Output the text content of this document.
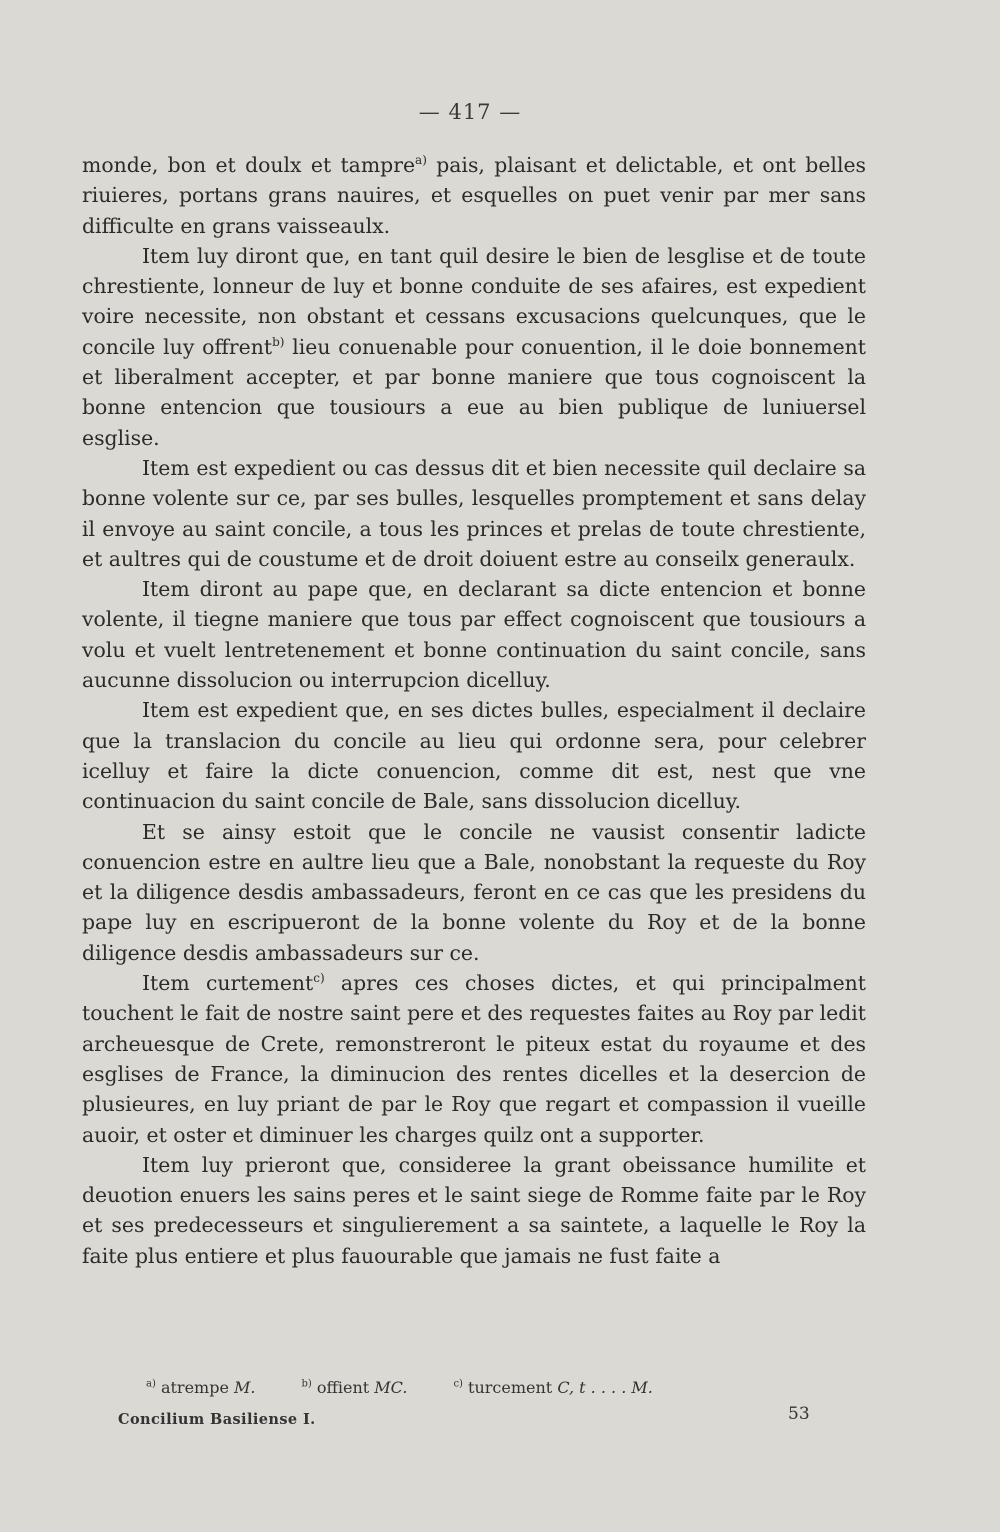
— 417 —

monde, bon et doulx et tampre$^{a)}$ pais, plaisant et delictable, et ont belles riuieres, portans grans nauires, et esquelles on puet venir par mer sans difficulte en grans vaisseaulx.

Item luy diront que, en tant quil desire le bien de lesglise et de toute chrestiente, lonneur de luy et bonne conduite de ses afaires, est expedient voire necessite, non obstant et cessans excusacions quelcunques, que le concile luy offrent$^{b)}$ lieu conuenable pour conuention, il le doie bonnement et liberalment accepter, et par bonne maniere que tous cognoiscent la bonne entencion que tousiours a eue au bien publique de luniuersel esglise.

Item est expedient ou cas dessus dit et bien necessite quil declaire sa bonne volente sur ce, par ses bulles, lesquelles promptement et sans delay il envoye au saint concile, a tous les princes et prelas de toute chrestiente, et aultres qui de coustume et de droit doiuent estre au conseilx generaulx.

Item diront au pape que, en declarant sa dicte entencion et bonne volente, il tiegne maniere que tous par effect cognoiscent que tousiours a volu et vuelt lentretenement et bonne continuation du saint concile, sans aucunne dissolucion ou interrupcion dicelluy.

Item est expedient que, en ses dictes bulles, especialment il declaire que la translacion du concile au lieu qui ordonne sera, pour celebrer icelluy et faire la dicte conuencion, comme dit est, nest que vne continuacion du saint concile de Bale, sans dissolucion dicelluy.

Et se ainsy estoit que le concile ne vausist consentir ladicte conuencion estre en aultre lieu que a Bale, nonobstant la requeste du Roy et la diligence desdis ambassadeurs, feront en ce cas que les presidens du pape luy en escripueront de la bonne volente du Roy et de la bonne diligence desdis ambassadeurs sur ce.

Item curtement$^{c)}$ apres ces choses dictes, et qui principalment touchent le fait de nostre saint pere et des requestes faites au Roy par ledit archeuesque de Crete, remonstreront le piteux estat du royaume et des esglises de France, la diminucion des rentes dicelles et la desercion de plusieures, en luy priant de par le Roy que regart et compassion il vueille auoir, et oster et diminuer les charges quilz ont a supporter.

Item luy prieront que, consideree la grant obeissance humilite et deuotion enuers les sains peres et le saint siege de Romme faite par le Roy et ses predecesseurs et singulierement a sa saintete, a laquelle le Roy la faite plus entiere et plus fauourable que jamais ne fust faite a

$^{a)}$ atrempe M.	$^{b)}$ offient MC.	$^{c)}$ turcement C, t . . . . M.
Concilium Basiliense I.	53
